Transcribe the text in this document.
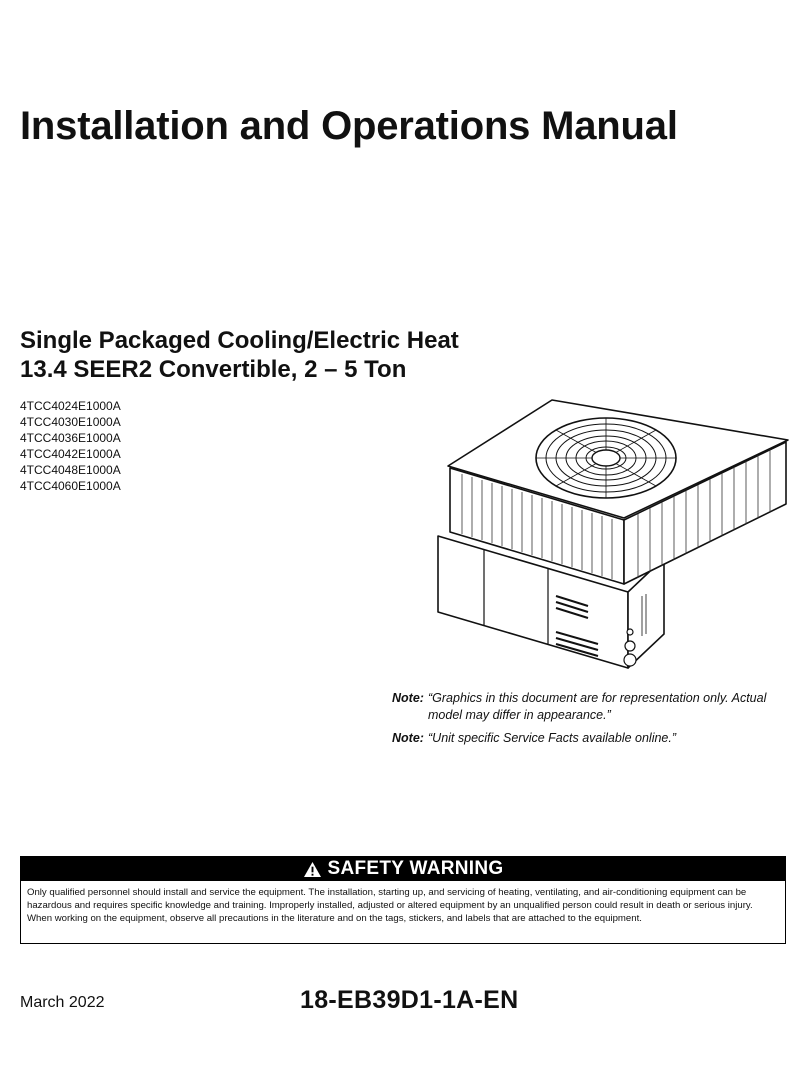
Installation and Operations Manual
Single Packaged Cooling/Electric Heat
13.4 SEER2 Convertible, 2 – 5 Ton
4TCC4024E1000A
4TCC4030E1000A
4TCC4036E1000A
4TCC4042E1000A
4TCC4048E1000A
4TCC4060E1000A
Note: “Graphics in this document are for representation only. Actual model may differ in appearance.”
Note: “Unit specific Service Facts available online.”
SAFETY WARNING
Only qualified personnel should install and service the equipment. The installation, starting up, and servicing of heating, ventilating, and air-conditioning equipment can be hazardous and requires specific knowledge and training. Improperly installed, adjusted or altered equipment by an unqualified person could result in death or serious injury. When working on the equipment, observe all precautions in the literature and on the tags, stickers, and labels that are attached to the equipment.
March 2022	18-EB39D1-1A-EN
